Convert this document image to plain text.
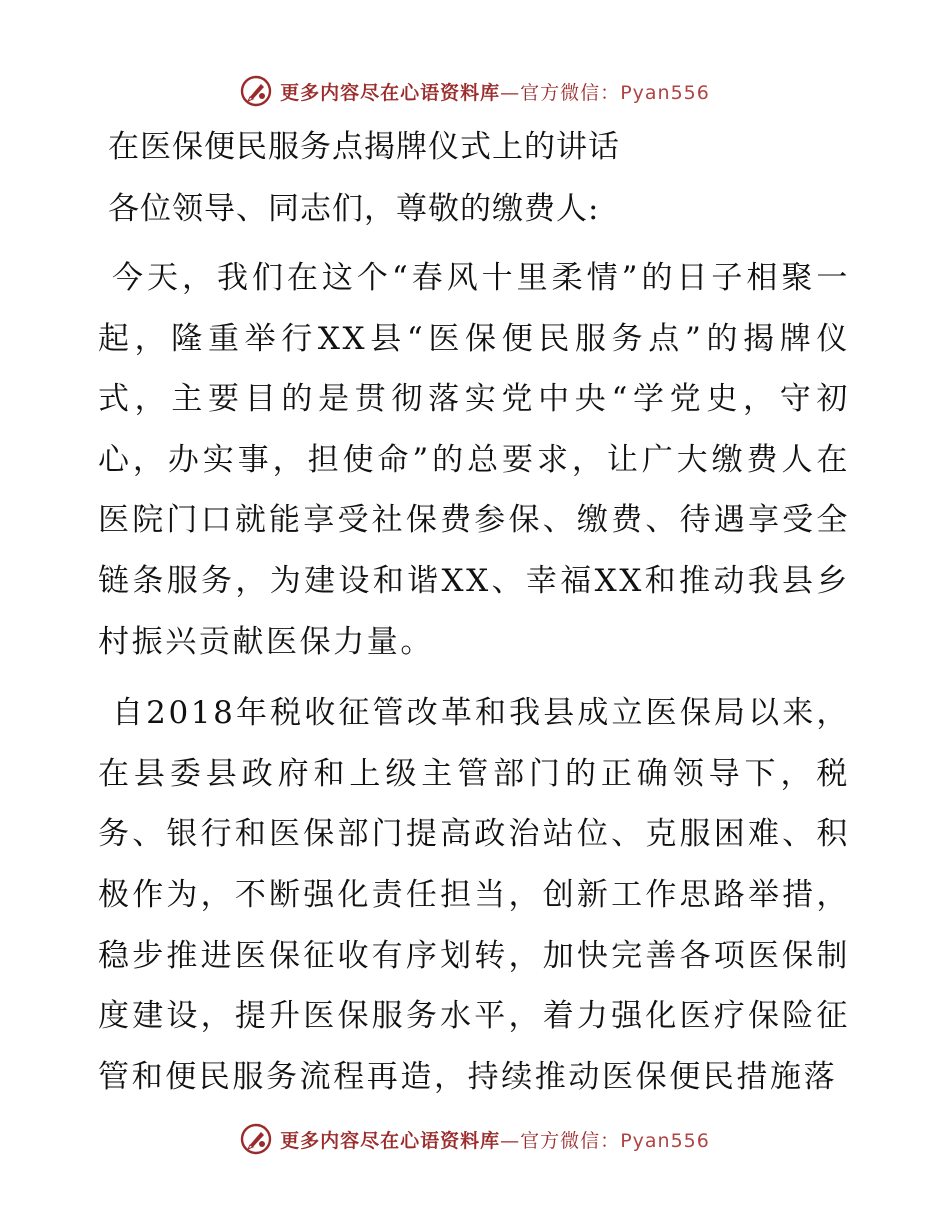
更多内容尽在心语资料库—官方微信：Pyan556
在医保便民服务点揭牌仪式上的讲话

各位领导、同志们，尊敬的缴费人:

今天，我们在这个“春风十里柔情”的日子相聚一起，隆重举行XX县“医保便民服务点”的揭牌仪式，主要目的是贯彻落实党中央“学党史，守初心，办实事，担使命”的总要求，让广大缴费人在医院门口就能享受社保费参保、缴费、待遇享受全链条服务，为建设和谐XX、幸福XX和推动我县乡村振兴贡献医保力量。

自2018年税收征管改革和我县成立医保局以来，在县委县政府和上级主管部门的正确领导下，税务、银行和医保部门提高政治站位、克服困难、积极作为，不断强化责任担当，创新工作思路举措，稳步推进医保征收有序划转，加快完善各项医保制度建设，提升医保服务水平，着力强化医疗保险征管和便民服务流程再造，持续推动医保便民措施落

更多内容尽在心语资料库—官方微信：Pyan556
